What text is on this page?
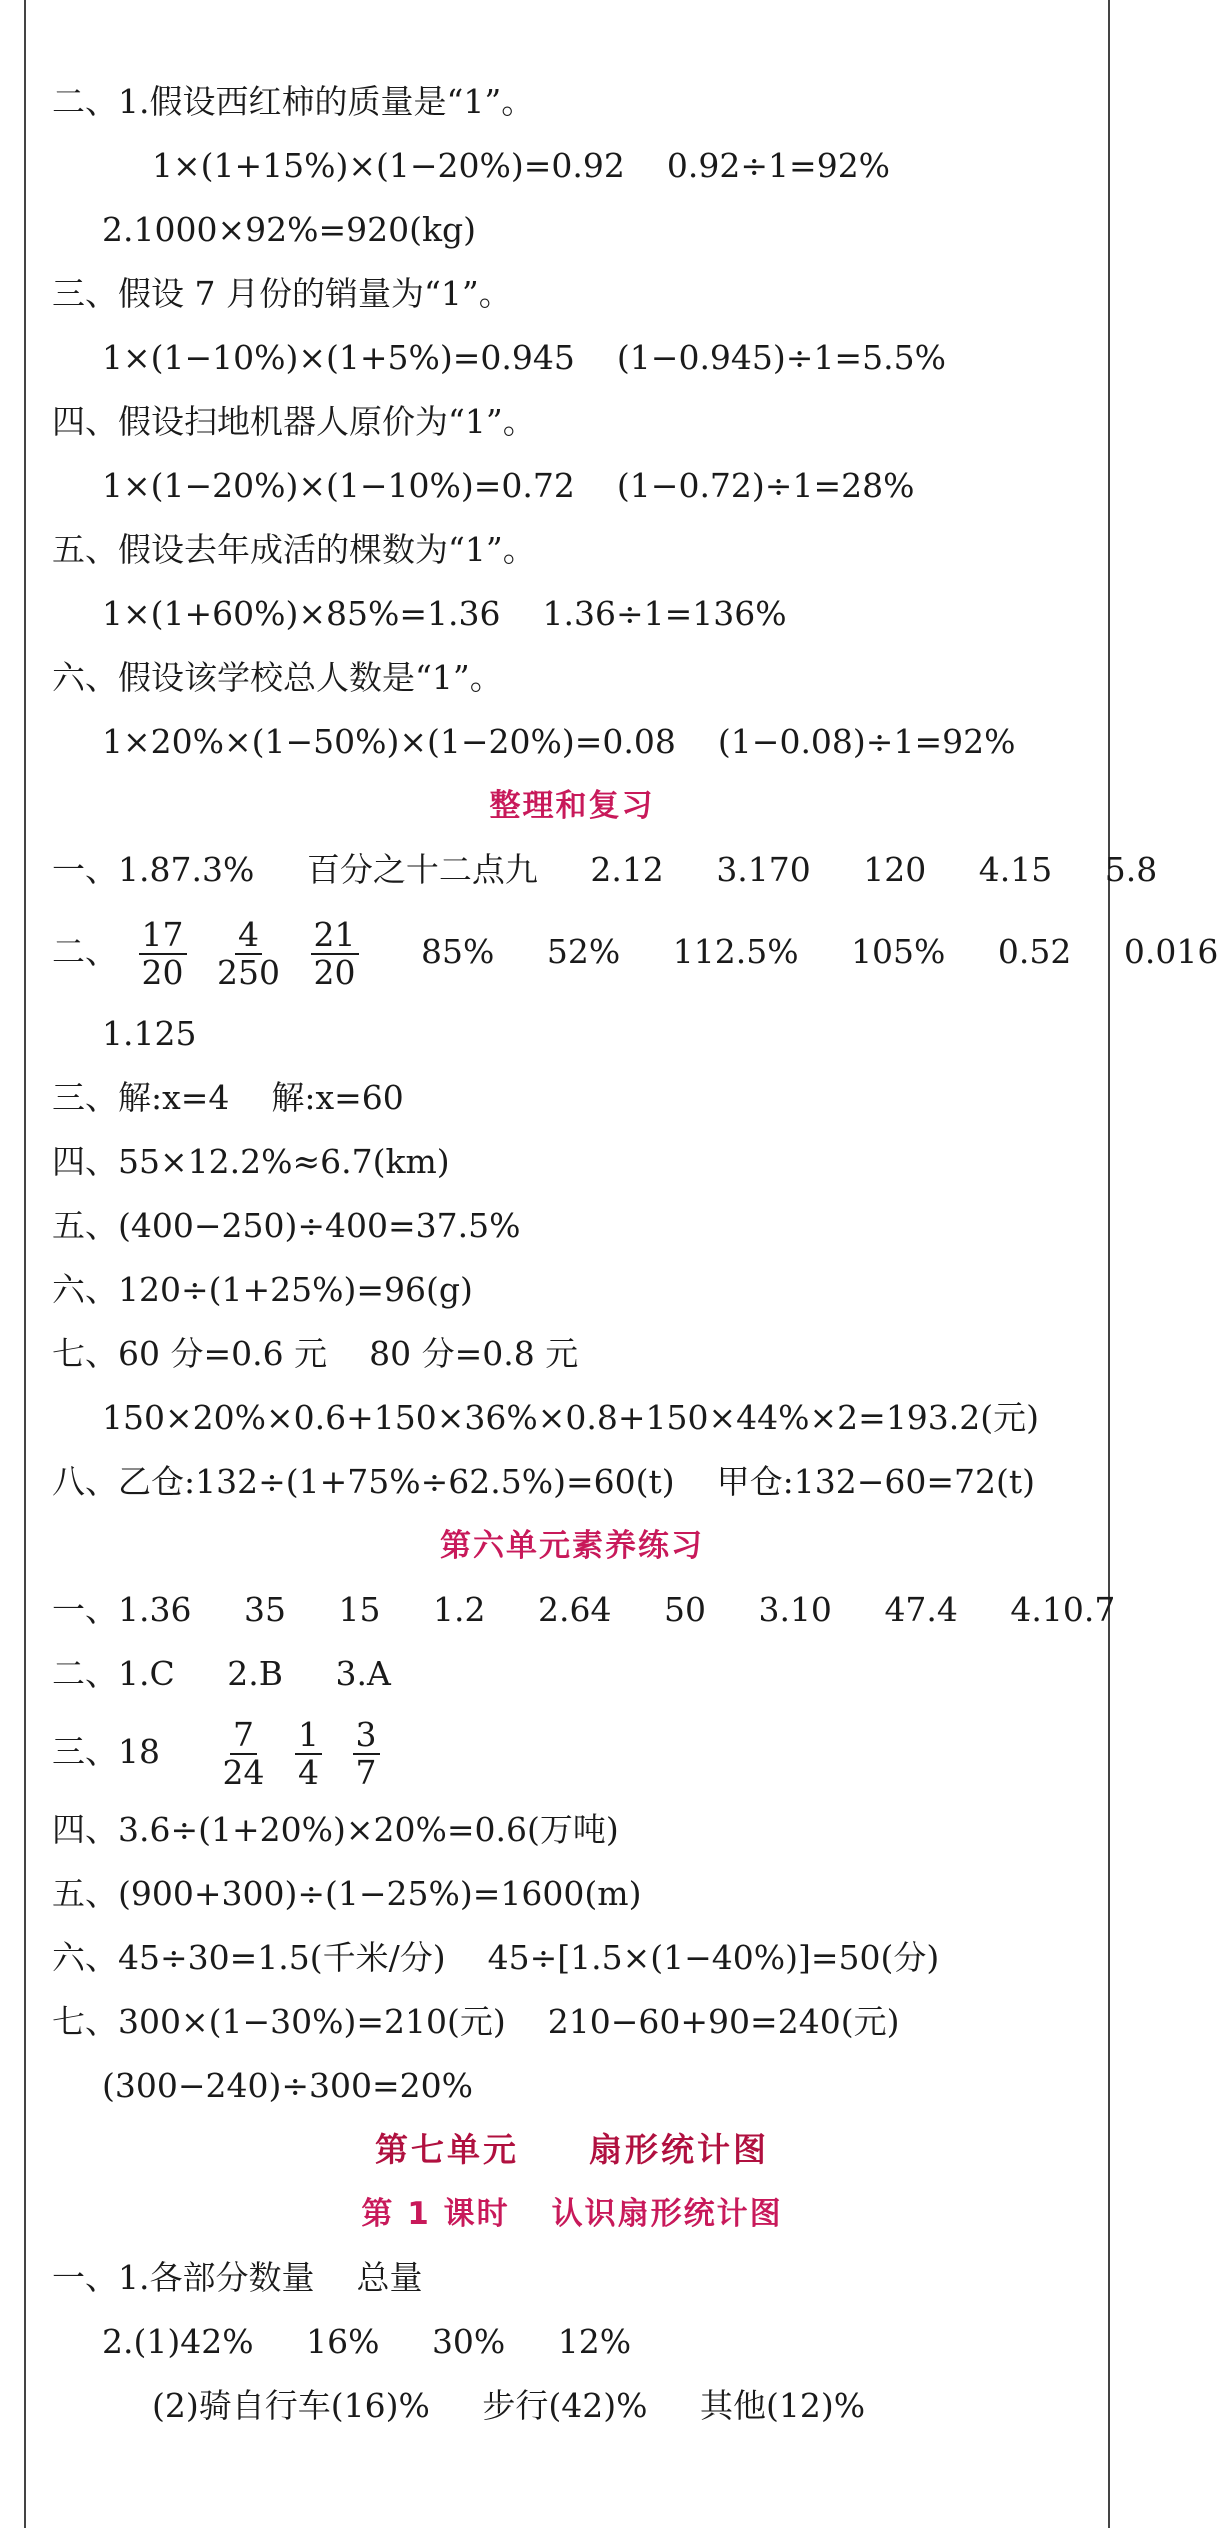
二、1.假设西红柿的质量是“1”。
1×(1+15%)×(1−20%)=0.92 0.92÷1=92%
2.1000×92%=920(kg)
三、假设 7 月份的销量为“1”。
1×(1−10%)×(1+5%)=0.945 (1−0.945)÷1=5.5%
四、假设扫地机器人原价为“1”。
1×(1−20%)×(1−10%)=0.72 (1−0.72)÷1=28%
五、假设去年成活的棵数为“1”。
1×(1+60%)×85%=1.36 1.36÷1=136%
六、假设该学校总人数是“1”。
1×20%×(1−50%)×(1−20%)=0.08 (1−0.08)÷1=92%
整理和复习
一、1.87.3% 百分之十二点九 2.12 3.170 120 4.15 5.8
二、 $\frac{17}{20}$
$\frac{4}{250}$
$\frac{21}{20} 85\%$ 52% 112.5% 105% 0.52 0.016
1.125
三、解:x=4 解:x=60
四、55×12.2%≈6.7(km)
五、(400−250)÷400=37.5%
六、120÷(1+25%)=96(g)
七、60 分=0.6 元 80 分=0.8 元
150×20%×0.6+150×36%×0.8+150×44%×2=193.2(元)
八、乙仓:132÷(1+75%÷62.5%)=60(t) 甲仓:132−60=72(t)
第六单元素养练习
一、1.36 35 15 1.2 2.64 50 3.10 47.4 4.10.7
二、1.C 2.B 3.A
三、$18 \frac{7}{24}$
$\frac{1}{4}$
$\frac{3}{7}$
四、3.6÷(1+20%)×20%=0.6(万吨)
五、(900+300)÷(1−25%)=1600(m)
六、45÷30=1.5(千米/分) 45÷[1.5×(1−40%)]=50(分)
七、300×(1−30%)=210(元) 210−60+90=240(元)
(300−240)÷300=20%
第七单元 扇形统计图
第 1 课时 认识扇形统计图
一、1.各部分数量 总量
2.(1)42% 16% 30% 12%
(2)骑自行车(16)% 步行(42)% 其他(12)%
